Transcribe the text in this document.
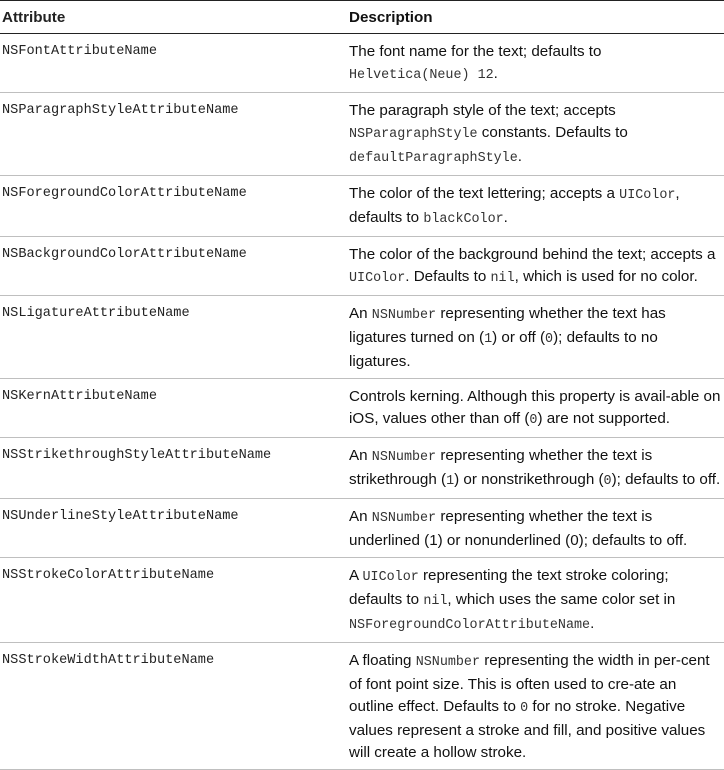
Attribute	Description
NSFontAttributeName	The font name for the text; defaults to Helvetica(Neue) 12.
NSParagraphStyleAttributeName	The paragraph style of the text; accepts NSParagraphStyle constants. Defaults to defaultParagraphStyle.
NSForegroundColorAttributeName	The color of the text lettering; accepts a UIColor, defaults to blackColor.
NSBackgroundColorAttributeName	The color of the background behind the text; accepts a UIColor. Defaults to nil, which is used for no color.
NSLigatureAttributeName	An NSNumber representing whether the text has ligatures turned on (1) or off (0); defaults to no ligatures.
NSKernAttributeName	Controls kerning. Although this property is avail-able on iOS, values other than off (0) are not supported.
NSStrikethroughStyleAttributeName	An NSNumber representing whether the text is strikethrough (1) or nonstrikethrough (0); defaults to off.
NSUnderlineStyleAttributeName	An NSNumber representing whether the text is underlined (1) or nonunderlined (0); defaults to off.
NSStrokeColorAttributeName	A UIColor representing the text stroke coloring; defaults to nil, which uses the same color set in NSForegroundColorAttributeName.
NSStrokeWidthAttributeName	A floating NSNumber representing the width in per-cent of font point size. This is often used to cre-ate an outline effect. Defaults to 0 for no stroke. Negative values represent a stroke and fill, and positive values will create a hollow stroke.
